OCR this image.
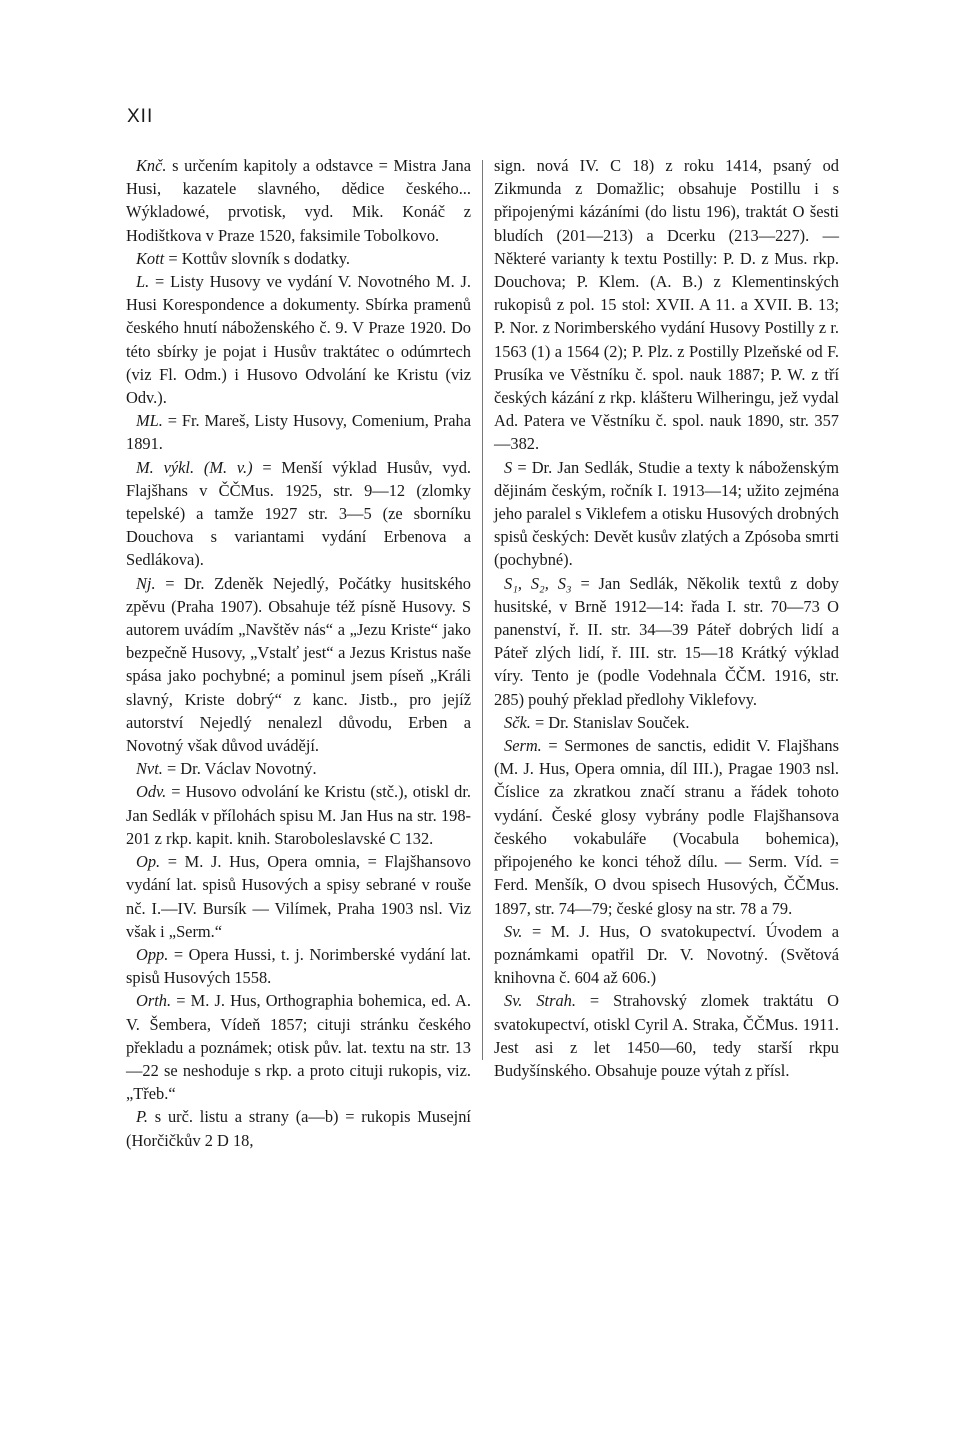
XII

Knč. s určením kapitoly a odstavce = Mistra Jana Husi, kazatele slavného, dědice českého... Wýkladowé, prvotisk, vyd. Mik. Konáč z Hodištkova v Praze 1520, faksimile Tobolkovo.

Kott = Kottův slovník s dodatky.

L. = Listy Husovy ve vydání V. Novotného M. J. Husi Korespondence a dokumenty. Sbírka pramenů českého hnutí náboženského č. 9. V Praze 1920. Do této sbírky je pojat i Husův traktátec o odúmrtech (viz Fl. Odm.) i Husovo Odvolání ke Kristu (viz Odv.).

ML. = Fr. Mareš, Listy Husovy, Comenium, Praha 1891.

M. výkl. (M. v.) = Menší výklad Husův, vyd. Flajšhans v ČČMus. 1925, str. 9—12 (zlomky tepelské) a tamže 1927 str. 3—5 (ze sborníku Douchova s variantami vydání Erbenova a Sedlákova).

Nj. = Dr. Zdeněk Nejedlý, Počátky husitského zpěvu (Praha 1907). Obsahuje též písně Husovy. S autorem uvádím „Navštěv nás“ a „Jezu Kriste“ jako bezpečně Husovy, „Vstalť jest“ a Jezus Kristus naše spása jako pochybné; a pominul jsem píseň „Králi slavný, Kriste dobrý“ z kanc. Jistb., pro jejíž autorství Nejedlý nenalezl důvodu, Erben a Novotný však důvod uvádějí.

Nvt. = Dr. Václav Novotný.

Odv. = Husovo odvolání ke Kristu (stč.), otiskl dr. Jan Sedlák v přílohách spisu M. Jan Hus na str. 198-201 z rkp. kapit. knih. Staroboleslavské C 132.

Op. = M. J. Hus, Opera omnia, = Flajšhansovo vydání lat. spisů Husových a spisy sebrané v rouše nč. I.—IV. Bursík — Vilímek, Praha 1903 nsl. Viz však i „Serm.“

Opp. = Opera Hussi, t. j. Norimberské vydání lat. spisů Husových 1558.

Orth. = M. J. Hus, Orthographia bohemica, ed. A. V. Šembera, Vídeň 1857; cituji stránku českého překladu a poznámek; otisk pův. lat. textu na str. 13—22 se neshoduje s rkp. a proto cituji rukopis, viz. „Třeb.“

P. s urč. listu a strany (a—b) = rukopis Musejní (Horčičkův 2 D 18,

sign. nová IV. C 18) z roku 1414, psaný od Zikmunda z Domažlic; obsahuje Postillu i s připojenými kázáními (do listu 196), traktát O šesti bludích (201—213) a Dcerku (213—227). — Některé varianty k textu Postilly: P. D. z Mus. rkp. Douchova; P. Klem. (A. B.) z Klementinských rukopisů z pol. 15 stol: XVII. A 11. a XVII. B. 13; P. Nor. z Norimberského vydání Husovy Postilly z r. 1563 (1) a 1564 (2); P. Plz. z Postilly Plzeňské od F. Prusíka ve Věstníku č. spol. nauk 1887; P. W. z tří českých kázání z rkp. klášteru Wilheringu, jež vydal Ad. Patera ve Věstníku č. spol. nauk 1890, str. 357—382.

S = Dr. Jan Sedlák, Studie a texty k náboženským dějinám českým, ročník I. 1913—14; užito zejména jeho paralel s Viklefem a otisku Husových drobných spisů českých: Devět kusův zlatých a Zpósoba smrti (pochybné).

S₁, S₂, S₃ = Jan Sedlák, Několik textů z doby husitské, v Brně 1912—14: řada I. str. 70—73 O panenství, ř. II. str. 34—39 Páteř dobrých lidí a Páteř zlých lidí, ř. III. str. 15—18 Krátký výklad víry. Tento je (podle Vodehnala ČČM. 1916, str. 285) pouhý překlad předlohy Viklefovy.

Sčk. = Dr. Stanislav Souček.

Serm. = Sermones de sanctis, edidit V. Flajšhans (M. J. Hus, Opera omnia, díl III.), Pragae 1903 nsl. Číslice za zkratkou značí stranu a řádek tohoto vydání. České glosy vybrány podle Flajšhansova českého vokabuláře (Vocabula bohemica), připojeného ke konci téhož dílu. — Serm. Víd. = Ferd. Menšík, O dvou spisech Husových, ČČMus. 1897, str. 74—79; české glosy na str. 78 a 79.

Sv. = M. J. Hus, O svatokupectví. Úvodem a poznámkami opatřil Dr. V. Novotný. (Světová knihovna č. 604 až 606.)

Sv. Strah. = Strahovský zlomek traktátu O svatokupectví, otiskl Cyril A. Straka, ČČMus. 1911. Jest asi z let 1450—60, tedy starší rkpu Budyšínského. Obsahuje pouze výtah z přísl.
